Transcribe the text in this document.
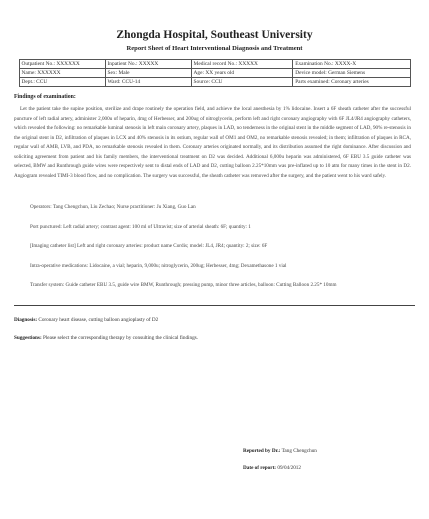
Zhongda Hospital, Southeast University
Report Sheet of Heart Interventional Diagnosis and Treatment
Outpatient No.: XXXXXX	Inpatient No.: XXXXX	Medical record No.: XXXXX	Examination No.: XXXX-X
Name: XXXXXX	Sex: Male	Age: XX years old	Device model: German Siemens
Dept.: CCU	Ward: CCU-14	Source: CCU	Parts examined: Coronary arteries
Findings of examination:

Let the patient take the supine position, sterilize and drape routinely the operation field, and achieve the local anesthesia by 1% lidocaine. Insert a 6F sheath catheter after the successful puncture of left radial artery, administer 2,000u of heparin, 4mg of Herbesser, and 200ug of nitroglycerin, perform left and right coronary angiography with 6F JL4/JR4 angiography catheters, which revealed the following: no remarkable luminal stenosis in left main coronary artery, plaques in LAD, no tenderness in the original stent in the middle segment of LAD, 90% re-stenosis in the original stent in D2, infiltration of plaques in LCX and 40% stenosis in its ostium, regular wall of OM1 and OM2, no remarkable stenosis revealed; in them; infiltration of plaques in RCA, regular wall of AMB, LVB, and PDA, no remarkable stenosis revealed in them. Coronary arteries originated normally, and its distribution assumed the right dominance. After discussion and soliciting agreement from patient and his family members, the interventional treatment on D2 was decided. Additional 6,000u heparin was administered, 6F EBU 3.5 guide catheter was selected, BMW and Runthrough guide wires were respectively sent to distal ends of LAD and D2, cutting balloon 2.25*10mm was pre-inflated up to 10 atm for many times in the stent in D2. Angiogram revealed TIMI-3 blood flow, and no complication. The surgery was successful, the sheath catheter was removed after the surgery, and the patient went to his ward safely.

Operators: Tang Chengchun, Liu Zechao; Nurse practitioner: Ju Xiang, Guo Lan
Port punctured: Left radial artery; contrast agent: 100 ml of Ultravist; size of arterial sheath: 6F; quantity: 1
[Imaging catheter list] Left and right coronary arteries: product name Cordis; model: JL4, JR4; quantity: 2; size: 6F
Intra-operative medications: Lidocaine, a vial; heparin, 9,000u; nitroglycerin, 200ug; Herbesser, 4mg; Dexamethasone 1 vial
Transfer system: Guide catheter EBU 3.5, guide wire BMW, Runthrough; pressing pump, minor three articles, balloon: Cutting Balloon 2.25* 10mm
Diagnosis: Coronary heart disease, cutting balloon angioplasty of D2
Suggestions: Please select the corresponding therapy by consulting the clinical findings.
Reported by Dr.: Tang Chengchun
Date of report: 09/04/2012
